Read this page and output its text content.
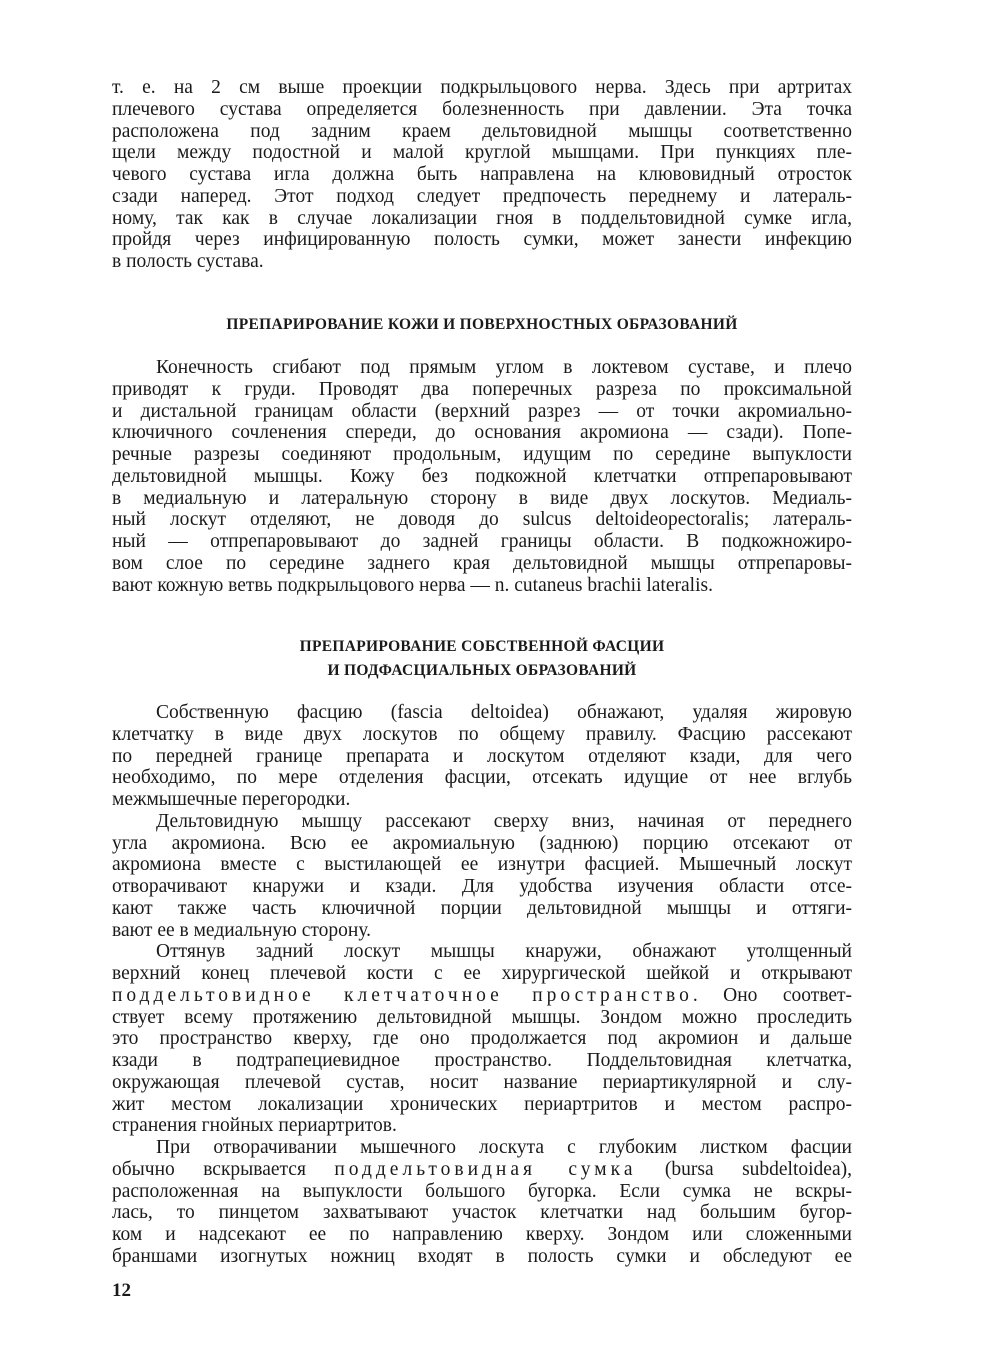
т. е. на 2 см выше проекции подкрыльцового нерва. Здесь при артритах
плечевого сустава определяется болезненность при давлении. Эта точка
расположена под задним краем дельтовидной мышцы соответственно
щели между подостной и малой круглой мышцами. При пункциях пле-
чевого сустава игла должна быть направлена на клювовидный отросток
сзади наперед. Этот подход следует предпочесть переднему и латераль-
ному, так как в случае локализации гноя в поддельтовидной сумке игла,
пройдя через инфицированную полость сумки, может занести инфекцию
в полость сустава.
ПРЕПАРИРОВАНИЕ КОЖИ И ПОВЕРХНОСТНЫХ ОБРАЗОВАНИЙ
Конечность сгибают под прямым углом в локтевом суставе, и плечо
приводят к груди. Проводят два поперечных разреза по проксимальной
и дистальной границам области (верхний разрез — от точки акромиально-
ключичного сочленения спереди, до основания акромиона — сзади). Попе-
речные разрезы соединяют продольным, идущим по середине выпуклости
дельтовидной мышцы. Кожу без подкожной клетчатки отпрепаровывают
в медиальную и латеральную сторону в виде двух лоскутов. Медиаль-
ный лоскут отделяют, не доводя до sulcus deltoideopectoralis; латераль-
ный — отпрепаровывают до задней границы области. В подкожножиро-
вом слое по середине заднего края дельтовидной мышцы отпрепаровы-
вают кожную ветвь подкрыльцового нерва — n. cutaneus brachii lateralis.
ПРЕПАРИРОВАНИЕ СОБСТВЕННОЙ ФАСЦИИ
И ПОДФАСЦИАЛЬНЫХ ОБРАЗОВАНИЙ
Собственную фасцию (fascia deltoidea) обнажают, удаляя жировую
клетчатку в виде двух лоскутов по общему правилу. Фасцию рассекают
по передней границе препарата и лоскутом отделяют кзади, для чего
необходимо, по мере отделения фасции, отсекать идущие от нее вглубь
межмышечные перегородки.
Дельтовидную мышцу рассекают сверху вниз, начиная от переднего
угла акромиона. Всю ее акромиальную (заднюю) порцию отсекают от
акромиона вместе с выстилающей ее изнутри фасцией. Мышечный лоскут
отворачивают кнаружи и кзади. Для удобства изучения области отсе-
кают также часть ключичной порции дельтовидной мышцы и оттяги-
вают ее в медиальную сторону.
Оттянув задний лоскут мышцы кнаружи, обнажают утолщенный
верхний конец плечевой кости с ее хирургической шейкой и открывают
поддельтовидное клетчаточное пространство. Оно соответ-
ствует всему протяжению дельтовидной мышцы. Зондом можно проследить
это пространство кверху, где оно продолжается под акромион и дальше
кзади в подтрапециевидное пространство. Поддельтовидная клетчатка,
окружающая плечевой сустав, носит название периартикулярной и слу-
жит местом локализации хронических периартритов и местом распро-
странения гнойных периартритов.
При отворачивании мышечного лоскута с глубоким листком фасции
обычно вскрывается поддельтовидная сумка (bursa subdeltoidea),
расположенная на выпуклости большого бугорка. Если сумка не вскры-
лась, то пинцетом захватывают участок клетчатки над большим бугор-
ком и надсекают ее по направлению кверху. Зондом или сложенными
браншами изогнутых ножниц входят в полость сумки и обследуют ее
12
